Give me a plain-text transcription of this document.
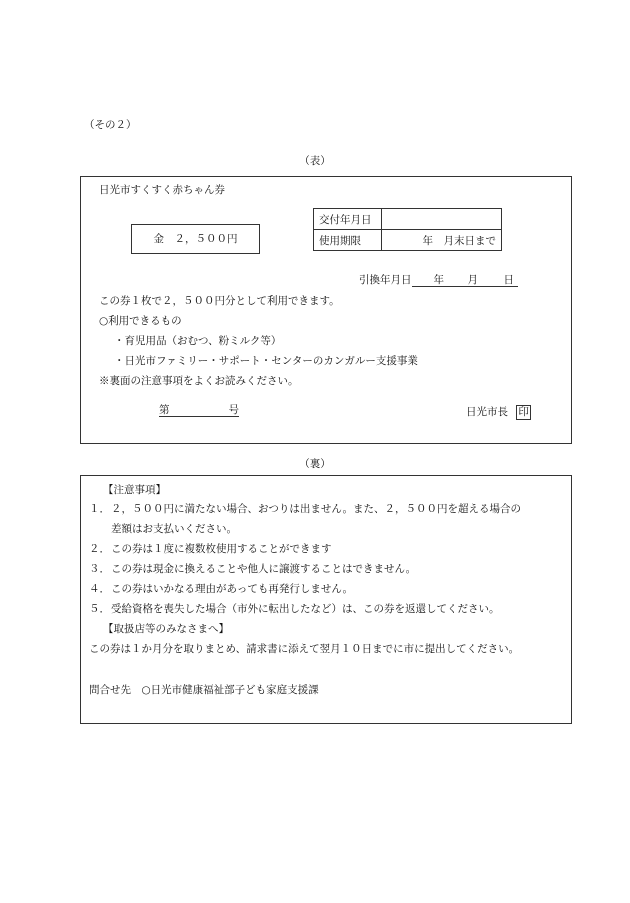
（その２）
（表）
日光市すくすく赤ちゃん券
金　２，５００円
交付年月日	
使用期限	年　月末日まで
引換年月日 年 月 日
この券１枚で２，５００円分として利用できます。
○利用できるもの
・育児用品（おむつ、粉ミルク等）
・日光市ファミリー・サポート・センターのカンガルー支援事業
※裏面の注意事項をよくお読みください。
第	号	日光市長 印
（裏）
【注意事項】
１． ２，５００円に満たない場合、おつりは出ません。また、２，５００円を超える場合の
差額はお支払いください。
２． この券は１度に複数枚使用することができます
３． この券は現金に換えることや他人に譲渡することはできません。
４． この券はいかなる理由があっても再発行しません。
５． 受給資格を喪失した場合（市外に転出したなど）は、この券を返還してください。
【取扱店等のみなさまへ】
この券は１か月分を取りまとめ、請求書に添えて翌月１０日までに市に提出してください。
問合せ先　○日光市健康福祉部子ども家庭支援課
